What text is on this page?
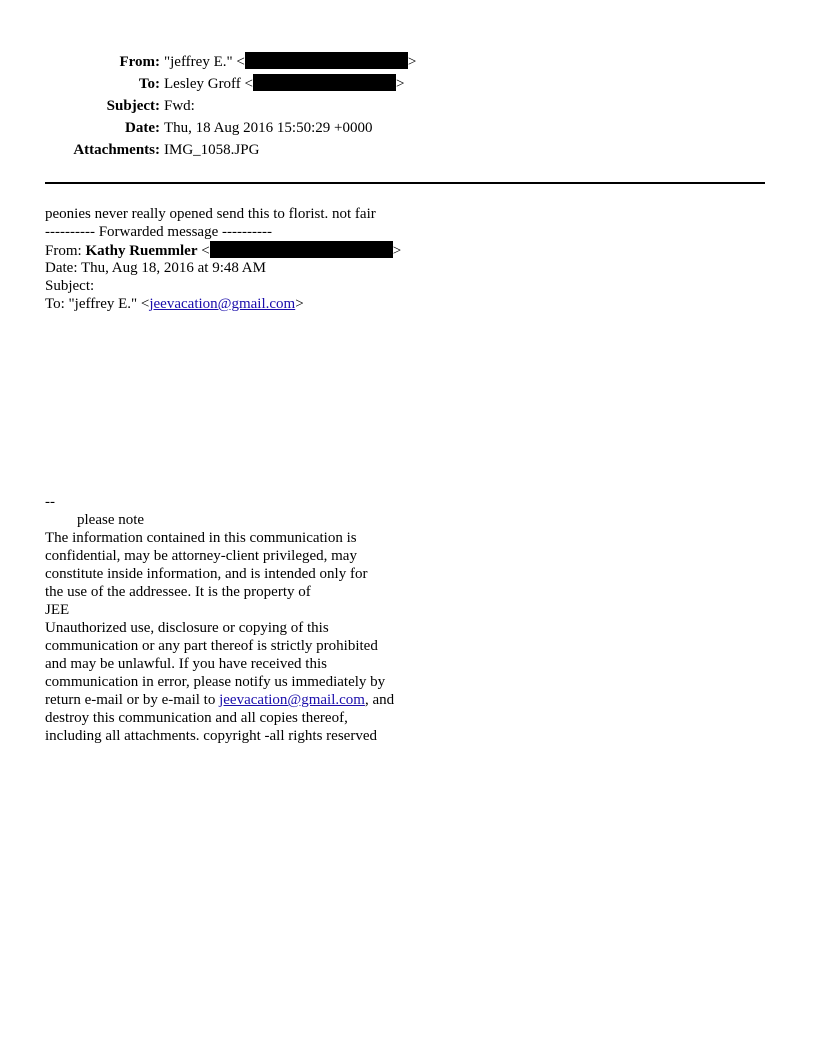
From: "jeffrey E." <	>
To: Lesley Groff <	>
Subject: Fwd:
Date: Thu, 18 Aug 2016 15:50:29 +0000
Attachments: IMG_1058.JPG
peonies never really opened send this to florist. not fair
---------- Forwarded message ----------
From: Kathy Ruemmler <	>
Date: Thu, Aug 18, 2016 at 9:48 AM
Subject:
To: "jeffrey E." <jeevacation@gmail.com>
--
please note
The information contained in this communication is
confidential, may be attorney-client privileged, may
constitute inside information, and is intended only for
the use of the addressee. It is the property of
JEE
Unauthorized use, disclosure or copying of this
communication or any part thereof is strictly prohibited
and may be unlawful. If you have received this
communication in error, please notify us immediately by
return e-mail or by e-mail to jeevacation@gmail.com, and
destroy this communication and all copies thereof,
including all attachments. copyright -all rights reserved
